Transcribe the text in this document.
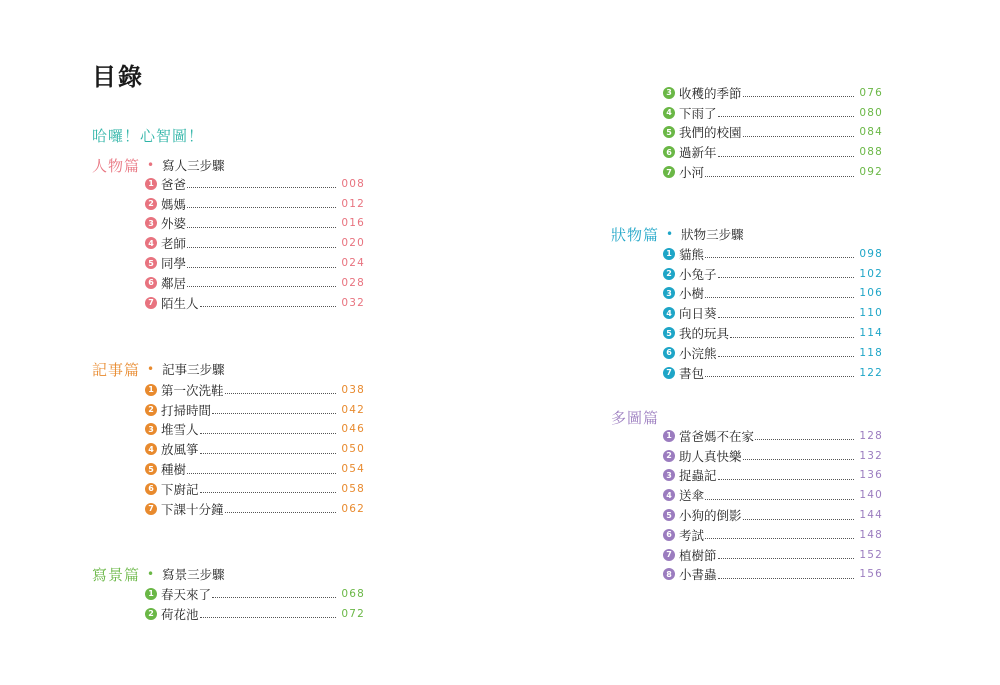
目錄
哈囉！心智圖！
人物篇 • 寫人三步驟
1 爸爸	008
2 媽媽	012
3 外婆	016
4 老師	020
5 同學	024
6 鄰居	028
7 陌生人	032
記事篇 • 記事三步驟
1 第一次洗鞋	038
2 打掃時間	042
3 堆雪人	046
4 放風箏	050
5 種樹	054
6 下廚記	058
7 下課十分鐘	062
寫景篇 • 寫景三步驟
1 春天來了	068
2 荷花池	072
3 收穫的季節	076
4 下雨了	080
5 我們的校園	084
6 過新年	088
7 小河	092
狀物篇 • 狀物三步驟
1 貓熊	098
2 小兔子	102
3 小樹	106
4 向日葵	110
5 我的玩具	114
6 小浣熊	118
7 書包	122
多圖篇
1 當爸媽不在家	128
2 助人真快樂	132
3 捉蟲記	136
4 送傘	140
5 小狗的倒影	144
6 考試	148
7 植樹節	152
8 小書蟲	156
